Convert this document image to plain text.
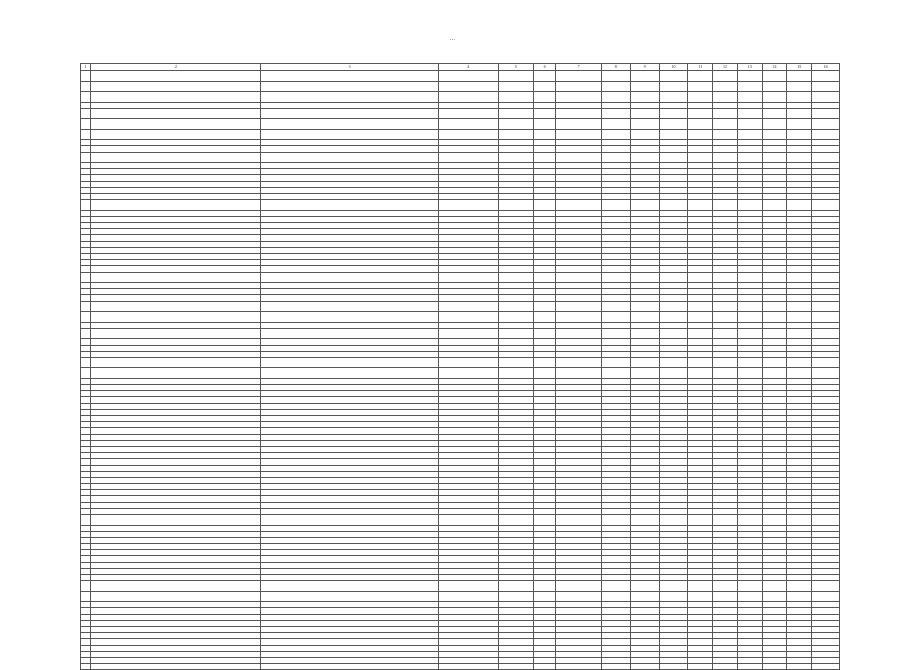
…
1	2	3	4	5	6	7	8	9	10	11	12	13	14	15	16
